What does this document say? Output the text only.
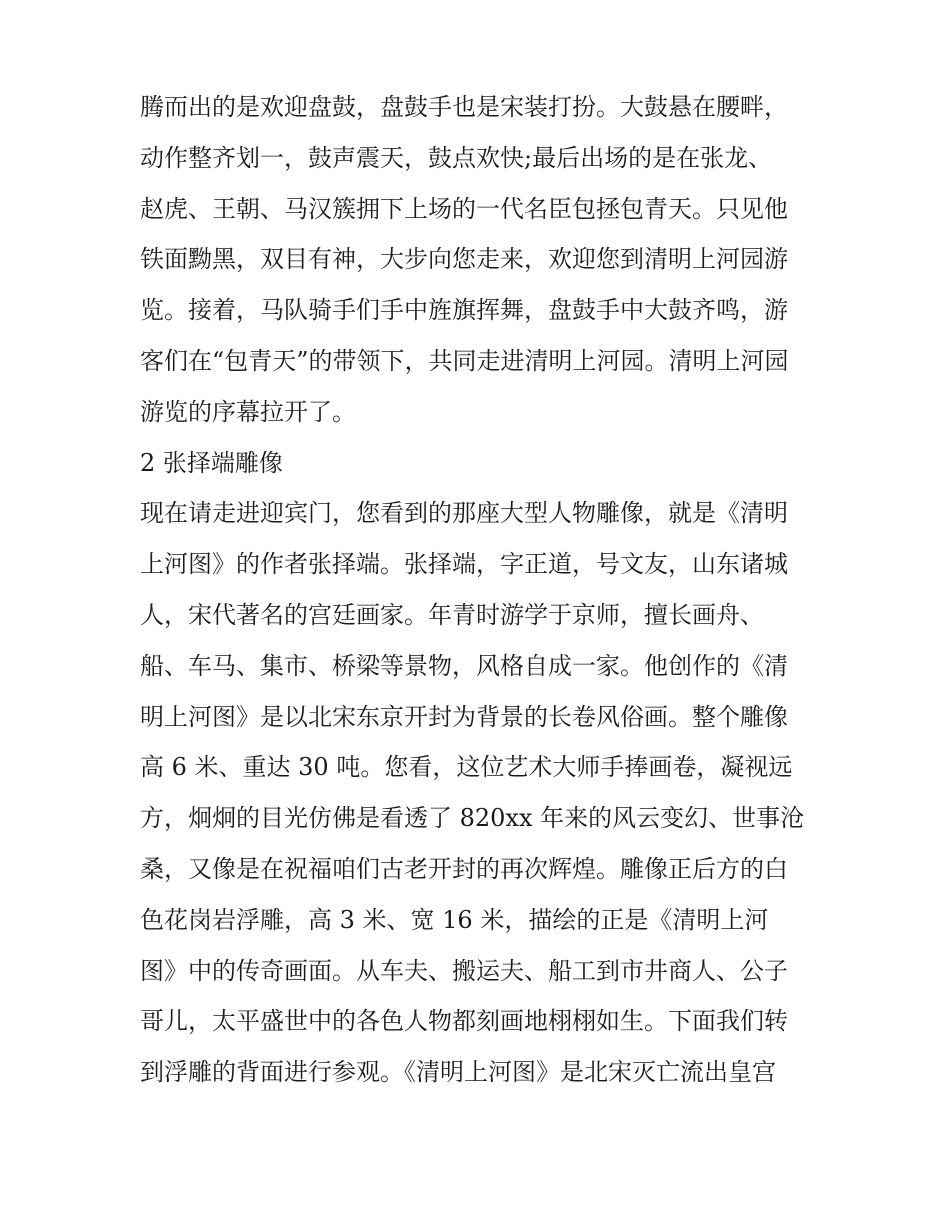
腾而出的是欢迎盘鼓，盘鼓手也是宋装打扮。大鼓悬在腰畔，
动作整齐划一，鼓声震天，鼓点欢快;最后出场的是在张龙、
赵虎、王朝、马汉簇拥下上场的一代名臣包拯包青天。只见他
铁面黝黑，双目有神，大步向您走来，欢迎您到清明上河园游
览。接着，马队骑手们手中旌旗挥舞，盘鼓手中大鼓齐鸣，游
客们在“包青天”的带领下，共同走进清明上河园。清明上河园
游览的序幕拉开了。
2 张择端雕像
现在请走进迎宾门，您看到的那座大型人物雕像，就是《清明
上河图》的作者张择端。张择端，字正道，号文友，山东诸城
人，宋代著名的宫廷画家。年青时游学于京师，擅长画舟、
船、车马、集市、桥梁等景物，风格自成一家。他创作的《清
明上河图》是以北宋东京开封为背景的长卷风俗画。整个雕像
高 6 米、重达 30 吨。您看，这位艺术大师手捧画卷，凝视远
方，炯炯的目光仿佛是看透了 820xx 年来的风云变幻、世事沧
桑，又像是在祝福咱们古老开封的再次辉煌。雕像正后方的白
色花岗岩浮雕，高 3 米、宽 16 米，描绘的正是《清明上河
图》中的传奇画面。从车夫、搬运夫、船工到市井商人、公子
哥儿，太平盛世中的各色人物都刻画地栩栩如生。下面我们转
到浮雕的背面进行参观。《清明上河图》是北宋灭亡流出皇宫
